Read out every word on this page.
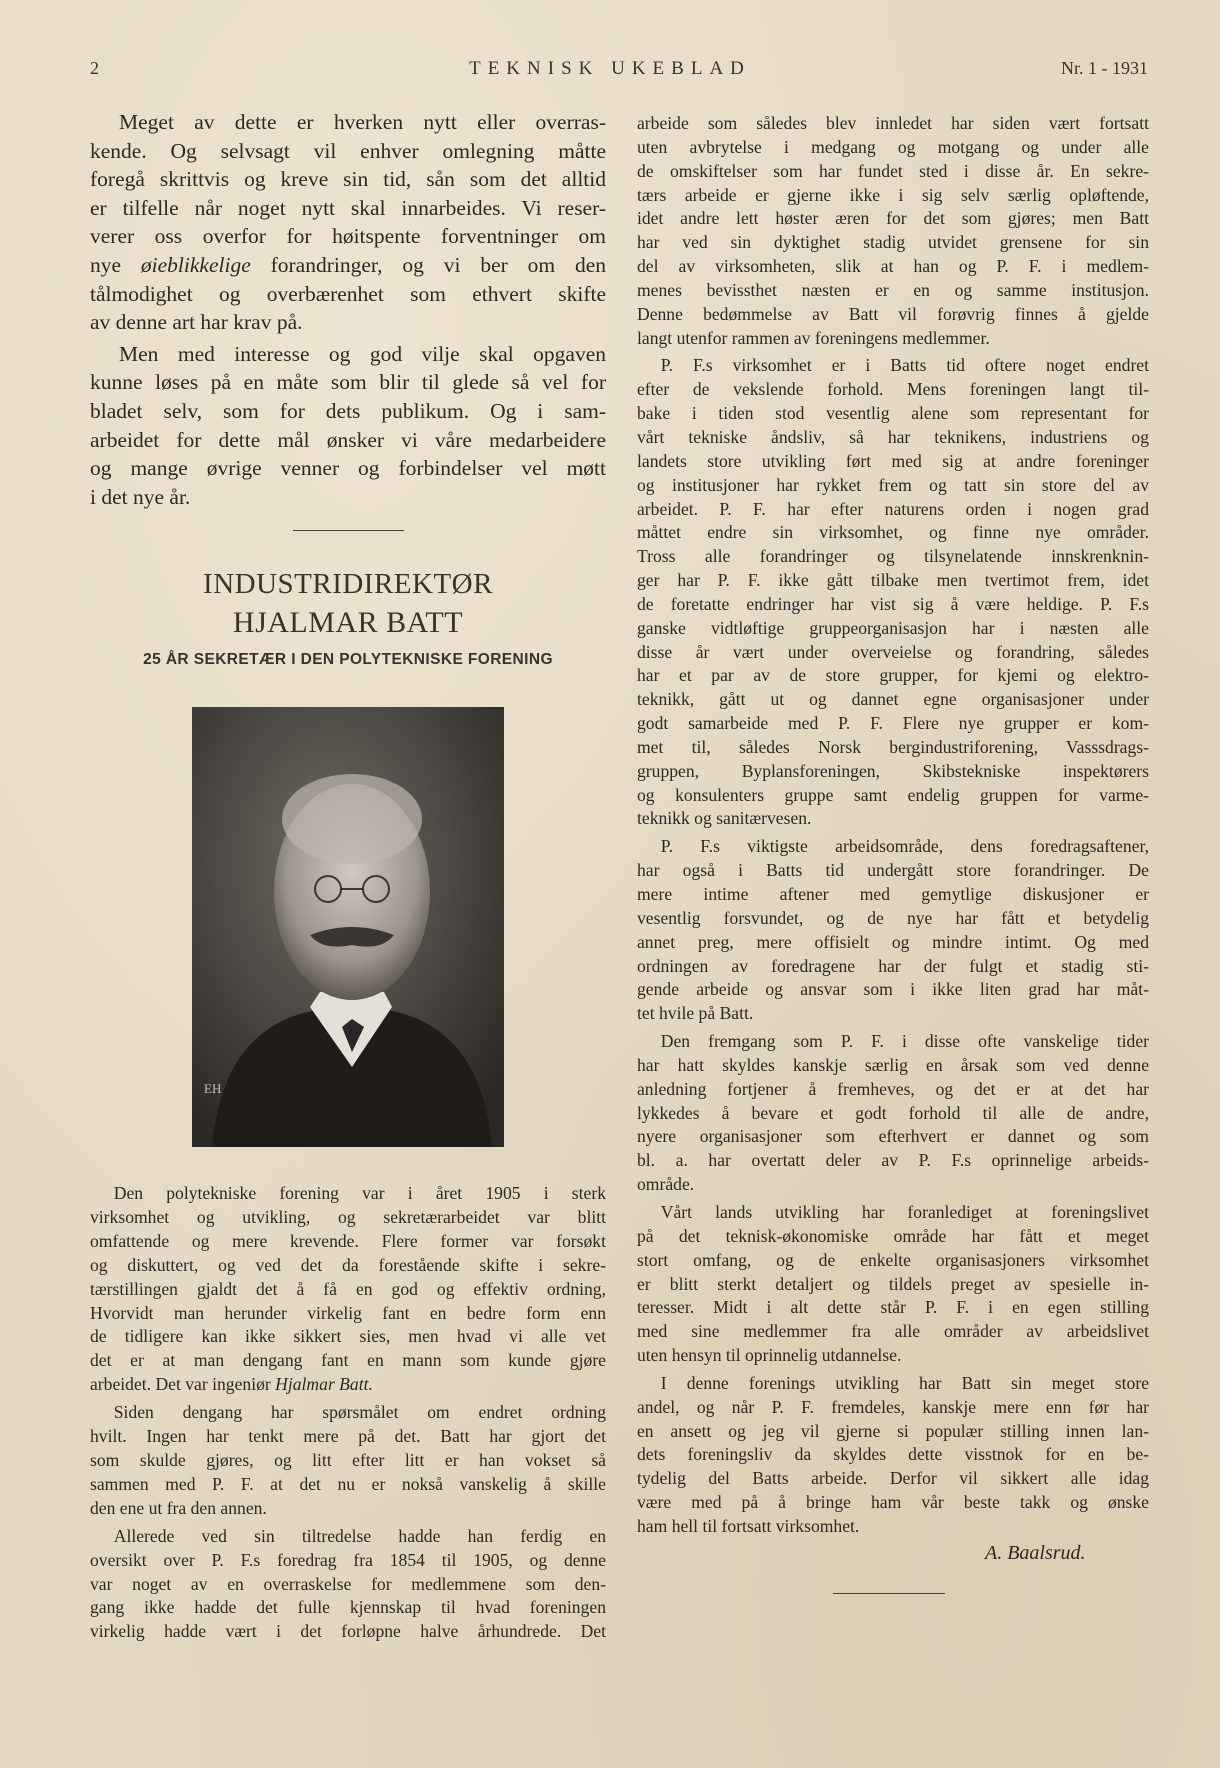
2	TEKNISK UKEBLAD	Nr. 1 - 1931
Meget av dette er hverken nytt eller overras-
kende. Og selvsagt vil enhver omlegning måtte
foregå skrittvis og kreve sin tid, sån som det alltid
er tilfelle når noget nytt skal innarbeides. Vi reser-
verer oss overfor for høitspente forventninger om
nye øieblikkelige forandringer, og vi ber om den
tålmodighet og overbærenhet som ethvert skifte
av denne art har krav på.
Men med interesse og god vilje skal opgaven
kunne løses på en måte som blir til glede så vel for
bladet selv, som for dets publikum. Og i sam-
arbeidet for dette mål ønsker vi våre medarbeidere
og mange øvrige venner og forbindelser vel møtt
i det nye år.
INDUSTRIDIREKTØR
HJALMAR BATT
25 ÅR SEKRETÆR I DEN POLYTEKNISKE FORENING
EH
Den polytekniske forening var i året 1905 i sterk
virksomhet og utvikling, og sekretærarbeidet var blitt
omfattende og mere krevende. Flere former var forsøkt
og diskuttert, og ved det da forestående skifte i sekre-
tærstillingen gjaldt det å få en god og effektiv ordning,
Hvorvidt man herunder virkelig fant en bedre form enn
de tidligere kan ikke sikkert sies, men hvad vi alle vet
det er at man dengang fant en mann som kunde gjøre
arbeidet. Det var ingeniør Hjalmar Batt.
Siden dengang har spørsmålet om endret ordning
hvilt. Ingen har tenkt mere på det. Batt har gjort det
som skulde gjøres, og litt efter litt er han vokset så
sammen med P. F. at det nu er nokså vanskelig å skille
den ene ut fra den annen.
Allerede ved sin tiltredelse hadde han ferdig en
oversikt over P. F.s foredrag fra 1854 til 1905, og denne
var noget av en overraskelse for medlemmene som den-
gang ikke hadde det fulle kjennskap til hvad foreningen
virkelig hadde vært i det forløpne halve århundrede. Det
arbeide som således blev innledet har siden vært fortsatt
uten avbrytelse i medgang og motgang og under alle
de omskiftelser som har fundet sted i disse år. En sekre-
tærs arbeide er gjerne ikke i sig selv særlig opløftende,
idet andre lett høster æren for det som gjøres; men Batt
har ved sin dyktighet stadig utvidet grensene for sin
del av virksomheten, slik at han og P. F. i medlem-
menes bevissthet næsten er en og samme institusjon.
Denne bedømmelse av Batt vil forøvrig finnes å gjelde
langt utenfor rammen av foreningens medlemmer.
P. F.s virksomhet er i Batts tid oftere noget endret
efter de vekslende forhold. Mens foreningen langt til-
bake i tiden stod vesentlig alene som representant for
vårt tekniske åndsliv, så har teknikens, industriens og
landets store utvikling ført med sig at andre foreninger
og institusjoner har rykket frem og tatt sin store del av
arbeidet. P. F. har efter naturens orden i nogen grad
måttet endre sin virksomhet, og finne nye områder.
Tross alle forandringer og tilsynelatende innskrenknin-
ger har P. F. ikke gått tilbake men tvertimot frem, idet
de foretatte endringer har vist sig å være heldige. P. F.s
ganske vidtløftige gruppeorganisasjon har i næsten alle
disse år vært under overveielse og forandring, således
har et par av de store grupper, for kjemi og elektro-
teknikk, gått ut og dannet egne organisasjoner under
godt samarbeide med P. F. Flere nye grupper er kom-
met til, således Norsk bergindustriforening, Vasssdrags-
gruppen, Byplansforeningen, Skibstekniske inspektørers
og konsulenters gruppe samt endelig gruppen for varme-
teknikk og sanitærvesen.
P. F.s viktigste arbeidsområde, dens foredragsaftener,
har også i Batts tid undergått store forandringer. De
mere intime aftener med gemytlige diskusjoner er
vesentlig forsvundet, og de nye har fått et betydelig
annet preg, mere offisielt og mindre intimt. Og med
ordningen av foredragene har der fulgt et stadig sti-
gende arbeide og ansvar som i ikke liten grad har måt-
tet hvile på Batt.
Den fremgang som P. F. i disse ofte vanskelige tider
har hatt skyldes kanskje særlig en årsak som ved denne
anledning fortjener å fremheves, og det er at det har
lykkedes å bevare et godt forhold til alle de andre,
nyere organisasjoner som efterhvert er dannet og som
bl. a. har overtatt deler av P. F.s oprinnelige arbeids-
område.
Vårt lands utvikling har foranlediget at foreningslivet
på det teknisk-økonomiske område har fått et meget
stort omfang, og de enkelte organisasjoners virksomhet
er blitt sterkt detaljert og tildels preget av spesielle in-
teresser. Midt i alt dette står P. F. i en egen stilling
med sine medlemmer fra alle områder av arbeidslivet
uten hensyn til oprinnelig utdannelse.
I denne forenings utvikling har Batt sin meget store
andel, og når P. F. fremdeles, kanskje mere enn før har
en ansett og jeg vil gjerne si populær stilling innen lan-
dets foreningsliv da skyldes dette visstnok for en be-
tydelig del Batts arbeide. Derfor vil sikkert alle idag
være med på å bringe ham vår beste takk og ønske
ham hell til fortsatt virksomhet.
A. Baalsrud.
